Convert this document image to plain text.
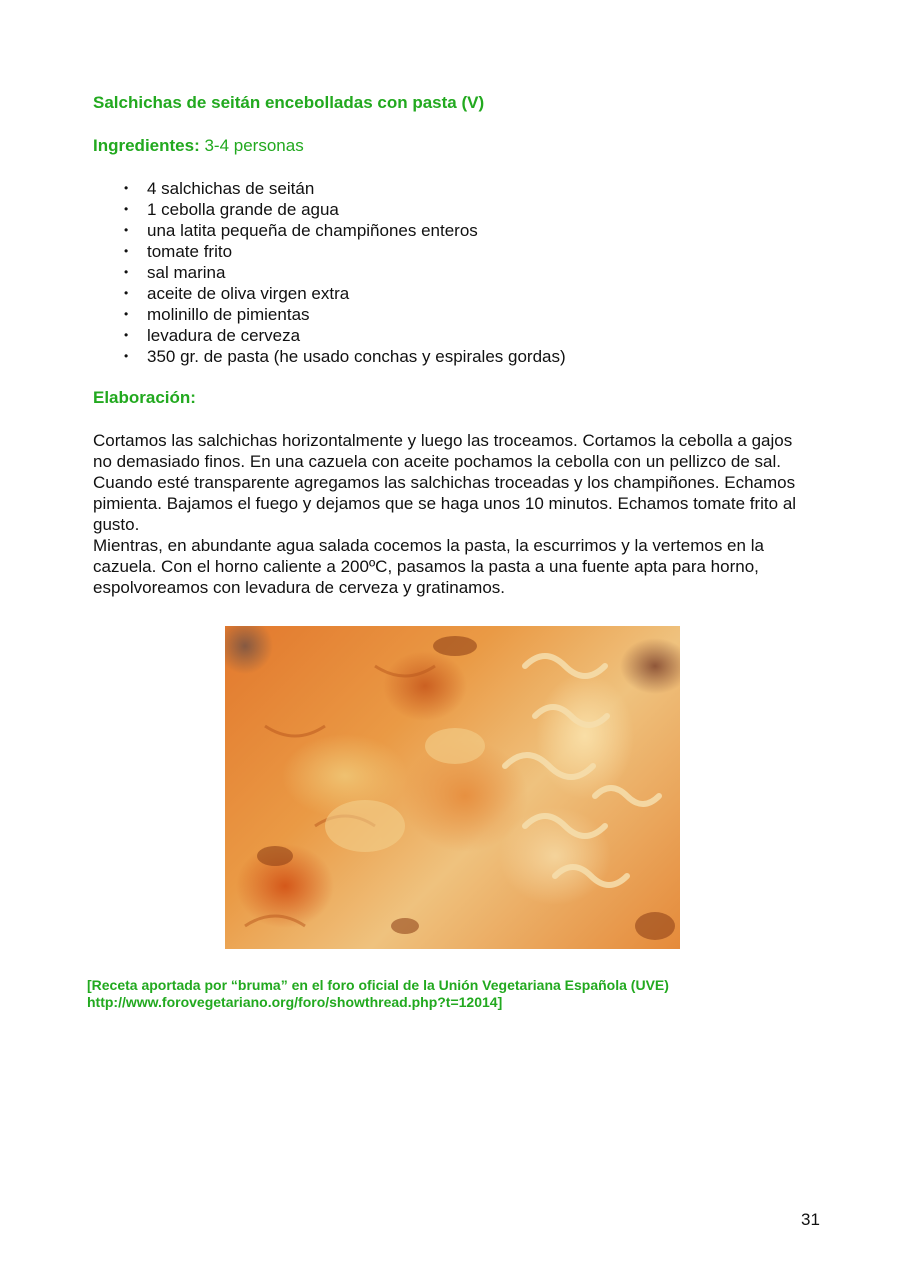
Salchichas de seitán encebolladas con pasta (V)
Ingredientes: 3-4 personas
• 4 salchichas de seitán
• 1 cebolla grande de agua
• una latita pequeña de champiñones enteros
• tomate frito
• sal marina
• aceite de oliva virgen extra
• molinillo de pimientas
• levadura de cerveza
• 350 gr. de pasta (he usado conchas y espirales gordas)
Elaboración:

Cortamos las salchichas horizontalmente y luego las troceamos. Cortamos la cebolla a gajos no demasiado finos. En una cazuela con aceite pochamos la cebolla con un pellizco de sal. Cuando esté transparente agregamos las salchichas troceadas y los champiñones. Echamos pimienta. Bajamos el fuego y dejamos que se haga unos 10 minutos. Echamos tomate frito al gusto.

Mientras, en abundante agua salada cocemos la pasta, la escurrimos y la vertemos en la cazuela. Con el horno caliente a 200ºC, pasamos la pasta a una fuente apta para horno, espolvoreamos con levadura de cerveza y gratinamos.

[Receta aportada por “bruma” en el foro oficial de la Unión Vegetariana Española (UVE)
http://www.forovegetariano.org/foro/showthread.php?t=12014]
31
